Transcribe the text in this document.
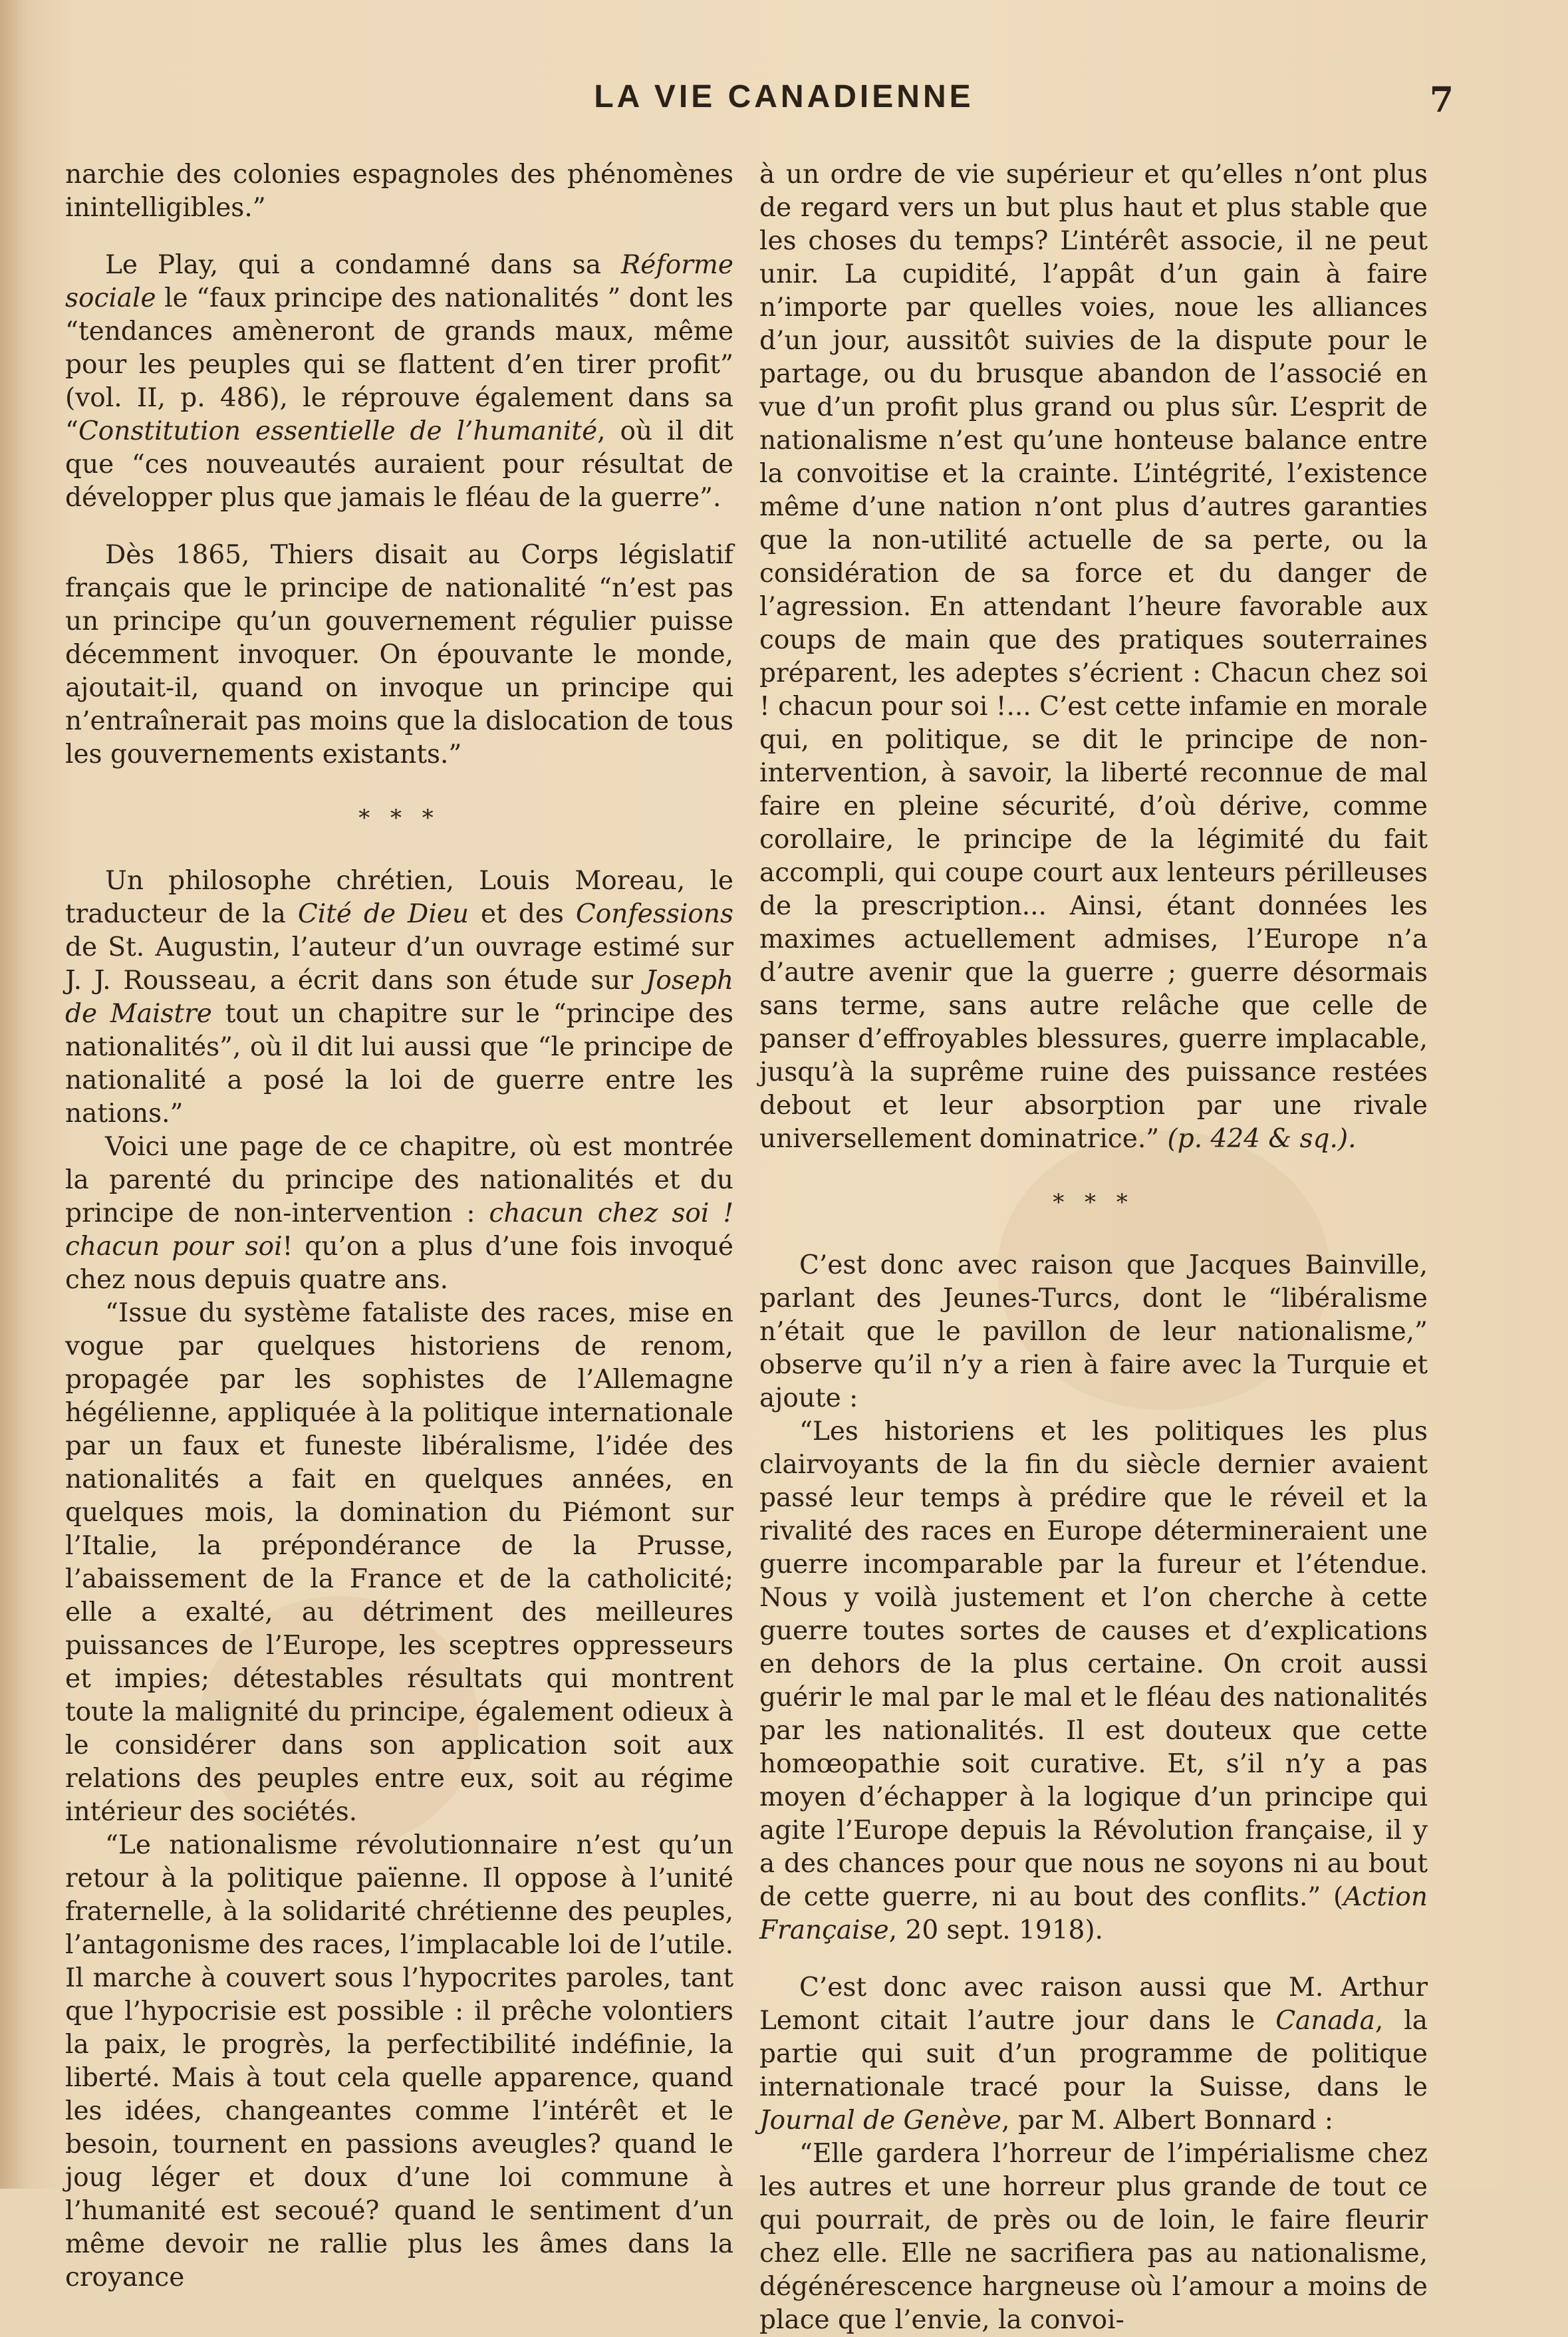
LA VIE CANADIENNE	7

narchie des colonies espagnoles des phénomènes inintelligibles.”

Le Play, qui a condamné dans sa Réforme sociale le “faux principe des nationalités ” dont les “tendances amèneront de grands maux, même pour les peuples qui se flattent d’en tirer profit” (vol. II, p. 486), le réprouve également dans sa “Constitution essentielle de l’humanité, où il dit que “ces nouveautés auraient pour résultat de développer plus que jamais le fléau de la guerre”.

Dès 1865, Thiers disait au Corps législatif français que le principe de nationalité “n’est pas un principe qu’un gouvernement régulier puisse décemment invoquer. On épouvante le monde, ajoutait-il, quand on invoque un principe qui n’entraînerait pas moins que la dislocation de tous les gouvernements existants.”

* * *

Un philosophe chrétien, Louis Moreau, le traducteur de la Cité de Dieu et des Confessions de St. Augustin, l’auteur d’un ouvrage estimé sur J. J. Rousseau, a écrit dans son étude sur Joseph de Maistre tout un chapitre sur le “principe des nationalités”, où il dit lui aussi que “le principe de nationalité a posé la loi de guerre entre les nations.”

Voici une page de ce chapitre, où est montrée la parenté du principe des nationalités et du principe de non-intervention : chacun chez soi ! chacun pour soi! qu’on a plus d’une fois invoqué chez nous depuis quatre ans.

“Issue du système fataliste des races, mise en vogue par quelques historiens de renom, propagée par les sophistes de l’Allemagne hégélienne, appliquée à la politique internationale par un faux et funeste libéralisme, l’idée des nationalités a fait en quelques années, en quelques mois, la domination du Piémont sur l’Italie, la prépondérance de la Prusse, l’abaissement de la France et de la catholicité; elle a exalté, au détriment des meilleures puissances de l’Europe, les sceptres oppresseurs et impies; détestables résultats qui montrent toute la malignité du principe, également odieux à le considérer dans son application soit aux relations des peuples entre eux, soit au régime intérieur des sociétés.

“Le nationalisme révolutionnaire n’est qu’un retour à la politique païenne. Il oppose à l’unité fraternelle, à la solidarité chrétienne des peuples, l’antagonisme des races, l’implacable loi de l’utile. Il marche à couvert sous l’hypocrites paroles, tant que l’hypocrisie est possible : il prêche volontiers la paix, le progrès, la perfectibilité indéfinie, la liberté. Mais à tout cela quelle apparence, quand les idées, changeantes comme l’intérêt et le besoin, tournent en passions aveugles? quand le joug léger et doux d’une loi commune à l’humanité est secoué? quand le sentiment d’un même devoir ne rallie plus les âmes dans la croyance

à un ordre de vie supérieur et qu’elles n’ont plus de regard vers un but plus haut et plus stable que les choses du temps? L’intérêt associe, il ne peut unir. La cupidité, l’appât d’un gain à faire n’importe par quelles voies, noue les alliances d’un jour, aussitôt suivies de la dispute pour le partage, ou du brusque abandon de l’associé en vue d’un profit plus grand ou plus sûr. L’esprit de nationalisme n’est qu’une honteuse balance entre la convoitise et la crainte. L’intégrité, l’existence même d’une nation n’ont plus d’autres garanties que la non-utilité actuelle de sa perte, ou la considération de sa force et du danger de l’agression. En attendant l’heure favorable aux coups de main que des pratiques souterraines préparent, les adeptes s’écrient : Chacun chez soi ! chacun pour soi !... C’est cette infamie en morale qui, en politique, se dit le principe de non-intervention, à savoir, la liberté reconnue de mal faire en pleine sécurité, d’où dérive, comme corollaire, le principe de la légimité du fait accompli, qui coupe court aux lenteurs périlleuses de la prescription... Ainsi, étant données les maximes actuellement admises, l’Europe n’a d’autre avenir que la guerre ; guerre désormais sans terme, sans autre relâche que celle de panser d’effroyables blessures, guerre implacable, jusqu’à la suprême ruine des puissance restées debout et leur absorption par une rivale universellement dominatrice.” (p. 424 & sq.).

* * *

C’est donc avec raison que Jacques Bainville, parlant des Jeunes-Turcs, dont le “libéralisme n’était que le pavillon de leur nationalisme,” observe qu’il n’y a rien à faire avec la Turquie et ajoute :

“Les historiens et les politiques les plus clairvoyants de la fin du siècle dernier avaient passé leur temps à prédire que le réveil et la rivalité des races en Europe détermineraient une guerre incomparable par la fureur et l’étendue. Nous y voilà justement et l’on cherche à cette guerre toutes sortes de causes et d’explications en dehors de la plus certaine. On croit aussi guérir le mal par le mal et le fléau des nationalités par les nationalités. Il est douteux que cette homœopathie soit curative. Et, s’il n’y a pas moyen d’échapper à la logique d’un principe qui agite l’Europe depuis la Révolution française, il y a des chances pour que nous ne soyons ni au bout de cette guerre, ni au bout des conflits.” (Action Française, 20 sept. 1918).

C’est donc avec raison aussi que M. Arthur Lemont citait l’autre jour dans le Canada, la partie qui suit d’un programme de politique internationale tracé pour la Suisse, dans le Journal de Genève, par M. Albert Bonnard :

“Elle gardera l’horreur de l’impérialisme chez les autres et une horreur plus grande de tout ce qui pourrait, de près ou de loin, le faire fleurir chez elle. Elle ne sacrifiera pas au nationalisme, dégénérescence hargneuse où l’amour a moins de place que l’envie, la convoi-
